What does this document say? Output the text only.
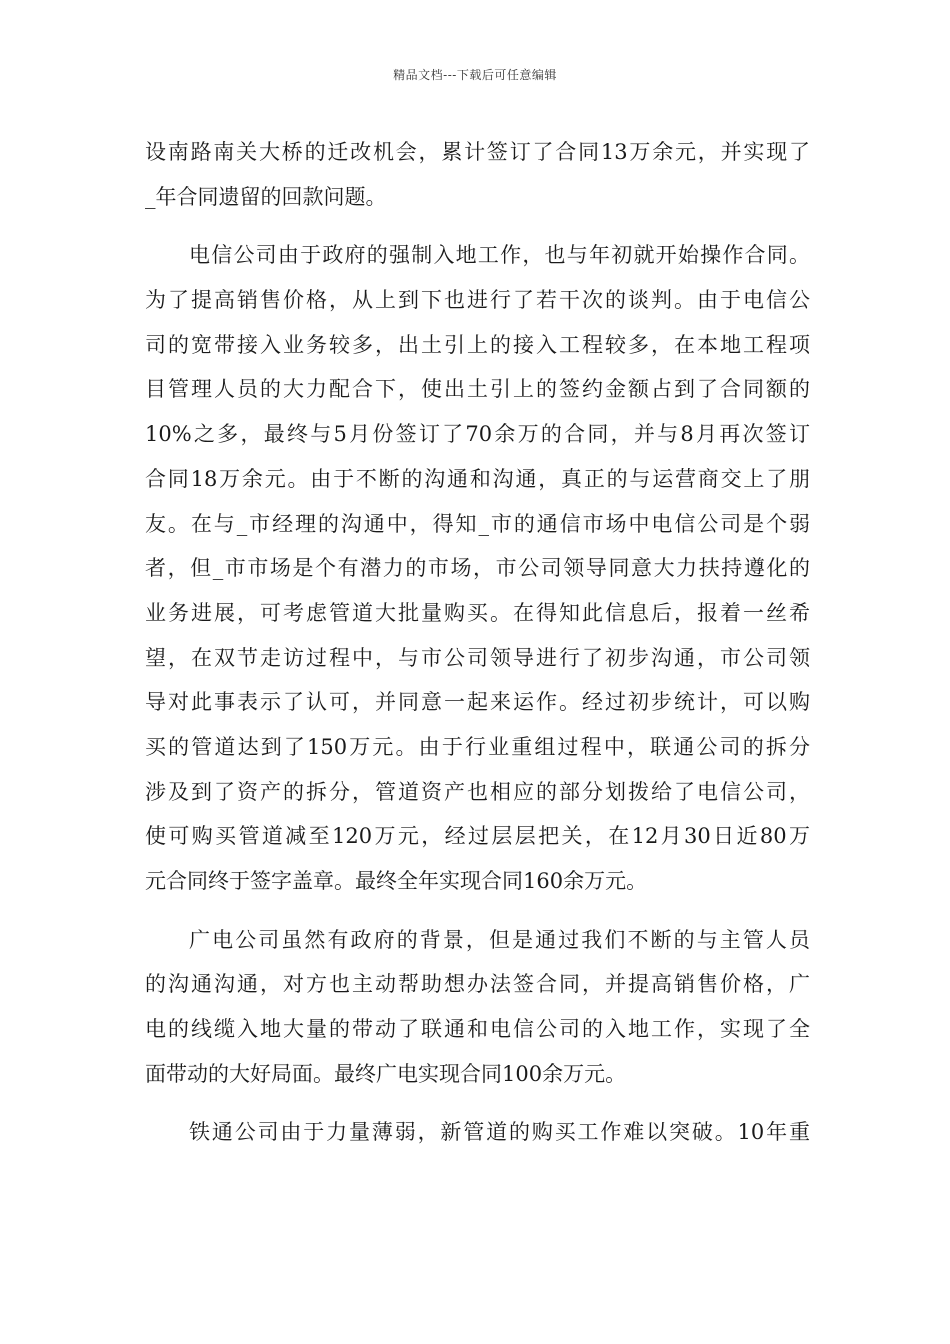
精品文档---下载后可任意编辑
设南路南关大桥的迁改机会，累计签订了合同13万余元，并实现了
_年合同遗留的回款问题。
电信公司由于政府的强制入地工作，也与年初就开始操作合同。
为了提高销售价格，从上到下也进行了若干次的谈判。由于电信公
司的宽带接入业务较多，出土引上的接入工程较多，在本地工程项
目管理人员的大力配合下，使出土引上的签约金额占到了合同额的
10%之多，最终与5月份签订了70余万的合同，并与8月再次签订
合同18万余元。由于不断的沟通和沟通，真正的与运营商交上了朋
友。在与_市经理的沟通中，得知_市的通信市场中电信公司是个弱
者，但_市市场是个有潜力的市场，市公司领导同意大力扶持遵化的
业务进展，可考虑管道大批量购买。在得知此信息后，报着一丝希
望，在双节走访过程中，与市公司领导进行了初步沟通，市公司领
导对此事表示了认可，并同意一起来运作。经过初步统计，可以购
买的管道达到了150万元。由于行业重组过程中，联通公司的拆分
涉及到了资产的拆分，管道资产也相应的部分划拨给了电信公司，
使可购买管道减至120万元，经过层层把关，在12月30日近80万
元合同终于签字盖章。最终全年实现合同160余万元。
广电公司虽然有政府的背景，但是通过我们不断的与主管人员
的沟通沟通，对方也主动帮助想办法签合同，并提高销售价格，广
电的线缆入地大量的带动了联通和电信公司的入地工作，实现了全
面带动的大好局面。最终广电实现合同100余万元。
铁通公司由于力量薄弱，新管道的购买工作难以突破。10年重
